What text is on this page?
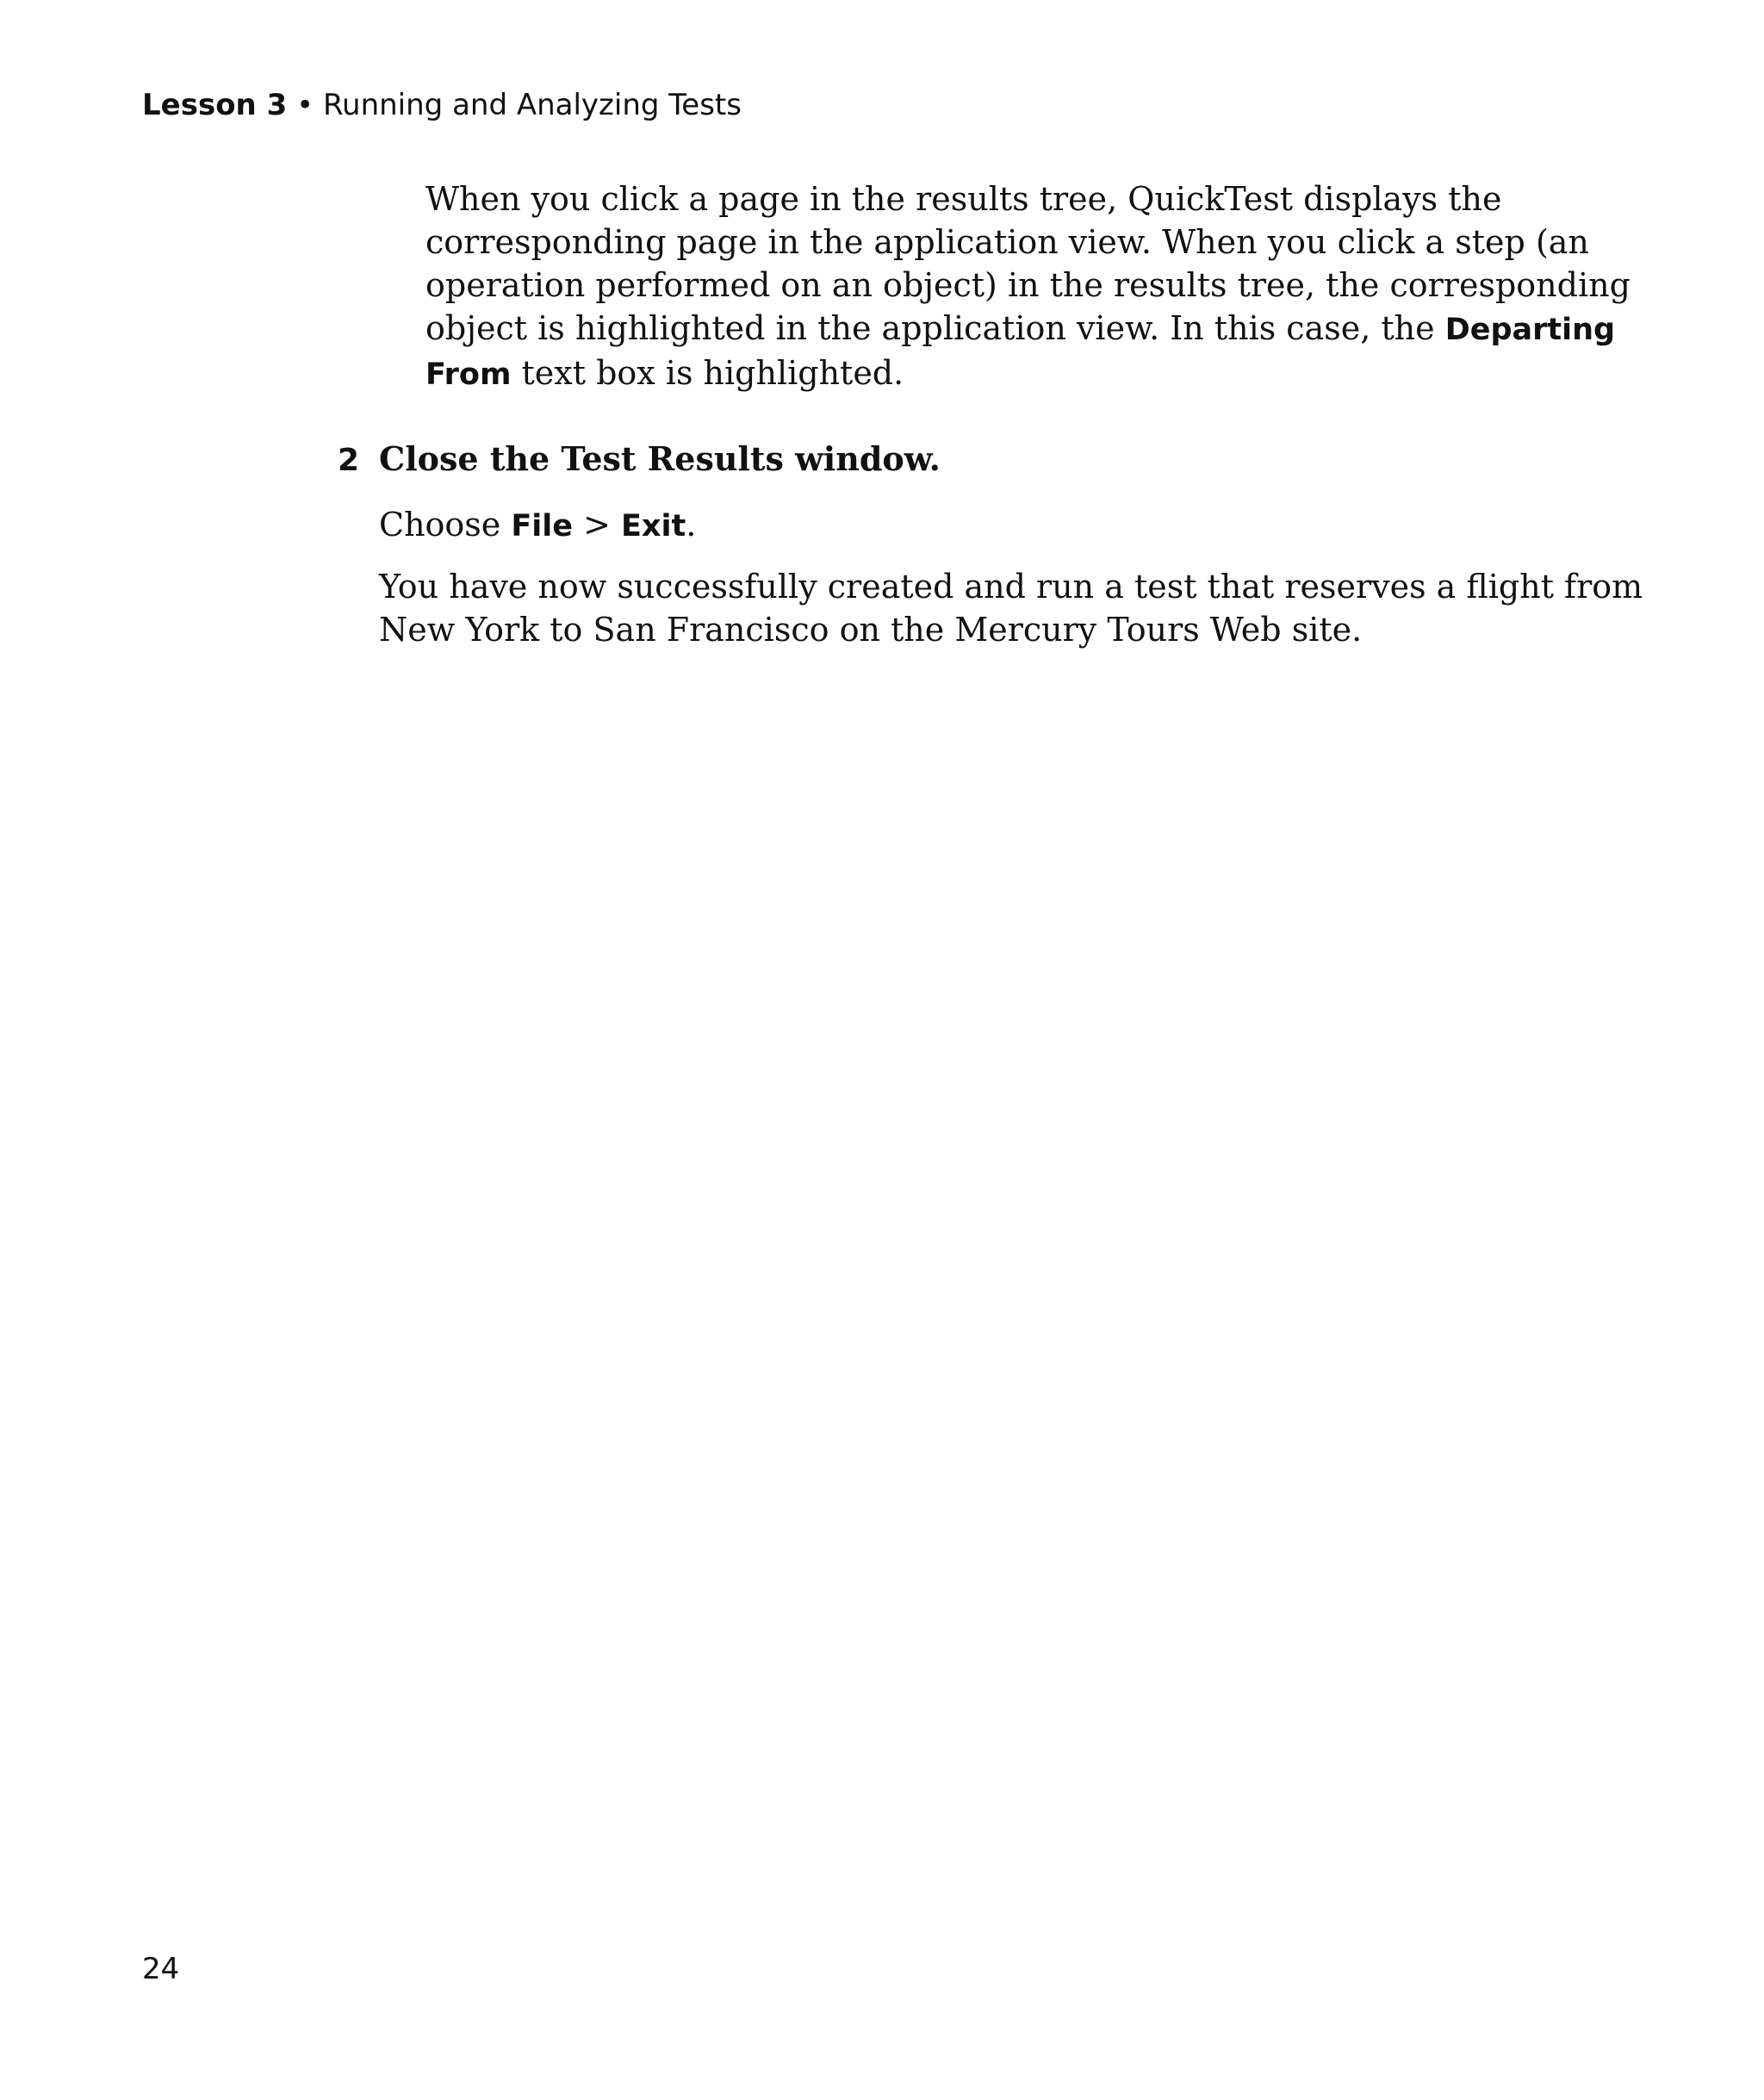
Lesson 3 • Running and Analyzing Tests

When you click a page in the results tree, QuickTest displays the
corresponding page in the application view. When you click a step (an
operation performed on an object) in the results tree, the corresponding
object is highlighted in the application view. In this case, the Departing
From text box is highlighted.

2 Close the Test Results window.
Choose File > Exit.

You have now successfully created and run a test that reserves a flight from
New York to San Francisco on the Mercury Tours Web site.

24
